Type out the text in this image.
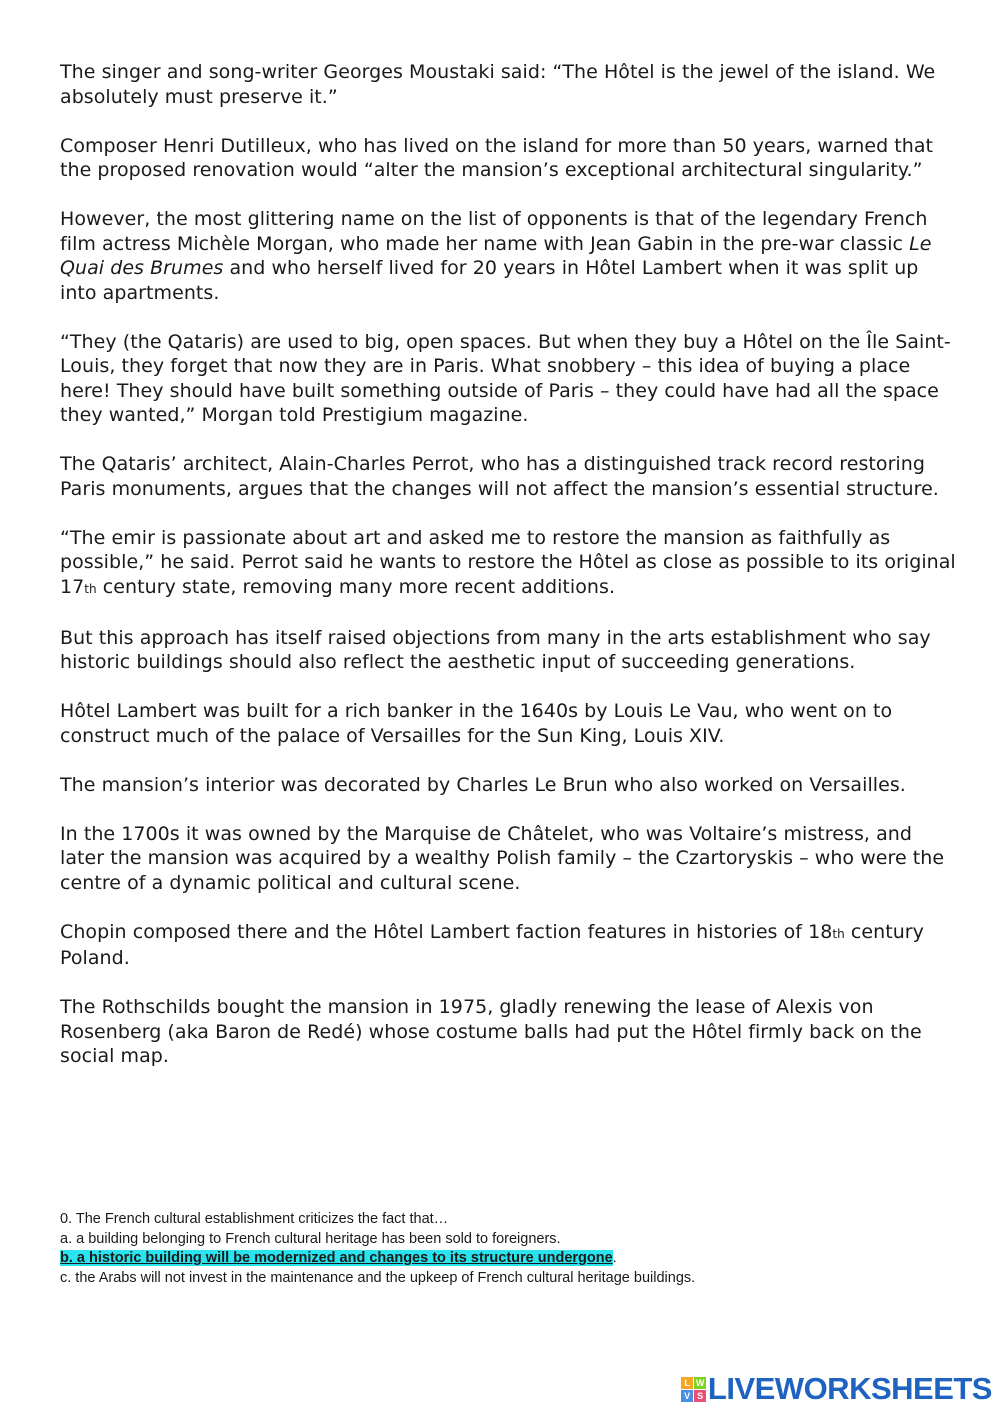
The singer and song-writer Georges Moustaki said: “The Hôtel is the jewel of the island. We absolutely must preserve it.”

Composer Henri Dutilleux, who has lived on the island for more than 50 years, warned that the proposed renovation would “alter the mansion’s exceptional architectural singularity.”

However, the most glittering name on the list of opponents is that of the legendary French film actress Michèle Morgan, who made her name with Jean Gabin in the pre-war classic Le Quai des Brumes and who herself lived for 20 years in Hôtel Lambert when it was split up into apartments.

“They (the Qataris) are used to big, open spaces. But when they buy a Hôtel on the Île Saint-Louis, they forget that now they are in Paris. What snobbery – this idea of buying a place here! They should have built something outside of Paris – they could have had all the space they wanted,” Morgan told Prestigium magazine.

The Qataris’ architect, Alain-Charles Perrot, who has a distinguished track record restoring Paris monuments, argues that the changes will not affect the mansion’s essential structure.

“The emir is passionate about art and asked me to restore the mansion as faithfully as possible,” he said. Perrot said he wants to restore the Hôtel as close as possible to its original 17th century state, removing many more recent additions.

But this approach has itself raised objections from many in the arts establishment who say historic buildings should also reflect the aesthetic input of succeeding generations.

Hôtel Lambert was built for a rich banker in the 1640s by Louis Le Vau, who went on to construct much of the palace of Versailles for the Sun King, Louis XIV.

The mansion’s interior was decorated by Charles Le Brun who also worked on Versailles.

In the 1700s it was owned by the Marquise de Châtelet, who was Voltaire’s mistress, and later the mansion was acquired by a wealthy Polish family – the Czartoryskis – who were the centre of a dynamic political and cultural scene.

Chopin composed there and the Hôtel Lambert faction features in histories of 18th century Poland.

The Rothschilds bought the mansion in 1975, gladly renewing the lease of Alexis von Rosenberg (aka Baron de Redé) whose costume balls had put the Hôtel firmly back on the social map.

0. The French cultural establishment criticizes the fact that…
a. a building belonging to French cultural heritage has been sold to foreigners.
b. a historic building will be modernized and changes to its structure undergone.
c. the Arabs will not invest in the maintenance and the upkeep of French cultural heritage buildings.
L W
V S LIVEWORKSHEETS
